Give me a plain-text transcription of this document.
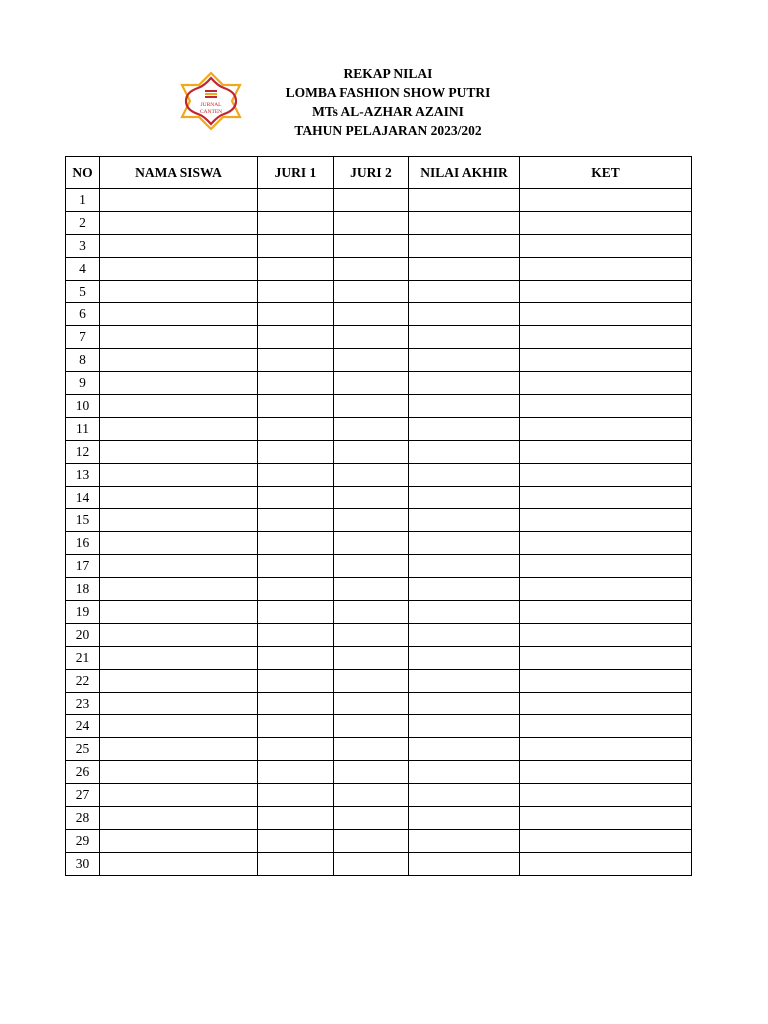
JURNAL
CANTEN
REKAP NILAI
LOMBA FASHION SHOW PUTRI
MTs AL-AZHAR AZAINI
TAHUN PELAJARAN 2023/202
NO	NAMA SISWA	JURI 1	JURI 2	NILAI AKHIR	KET
1					
2					
3					
4					
5					
6					
7					
8					
9					
10					
11					
12					
13					
14					
15					
16					
17					
18					
19					
20					
21					
22					
23					
24					
25					
26					
27					
28					
29					
30					
